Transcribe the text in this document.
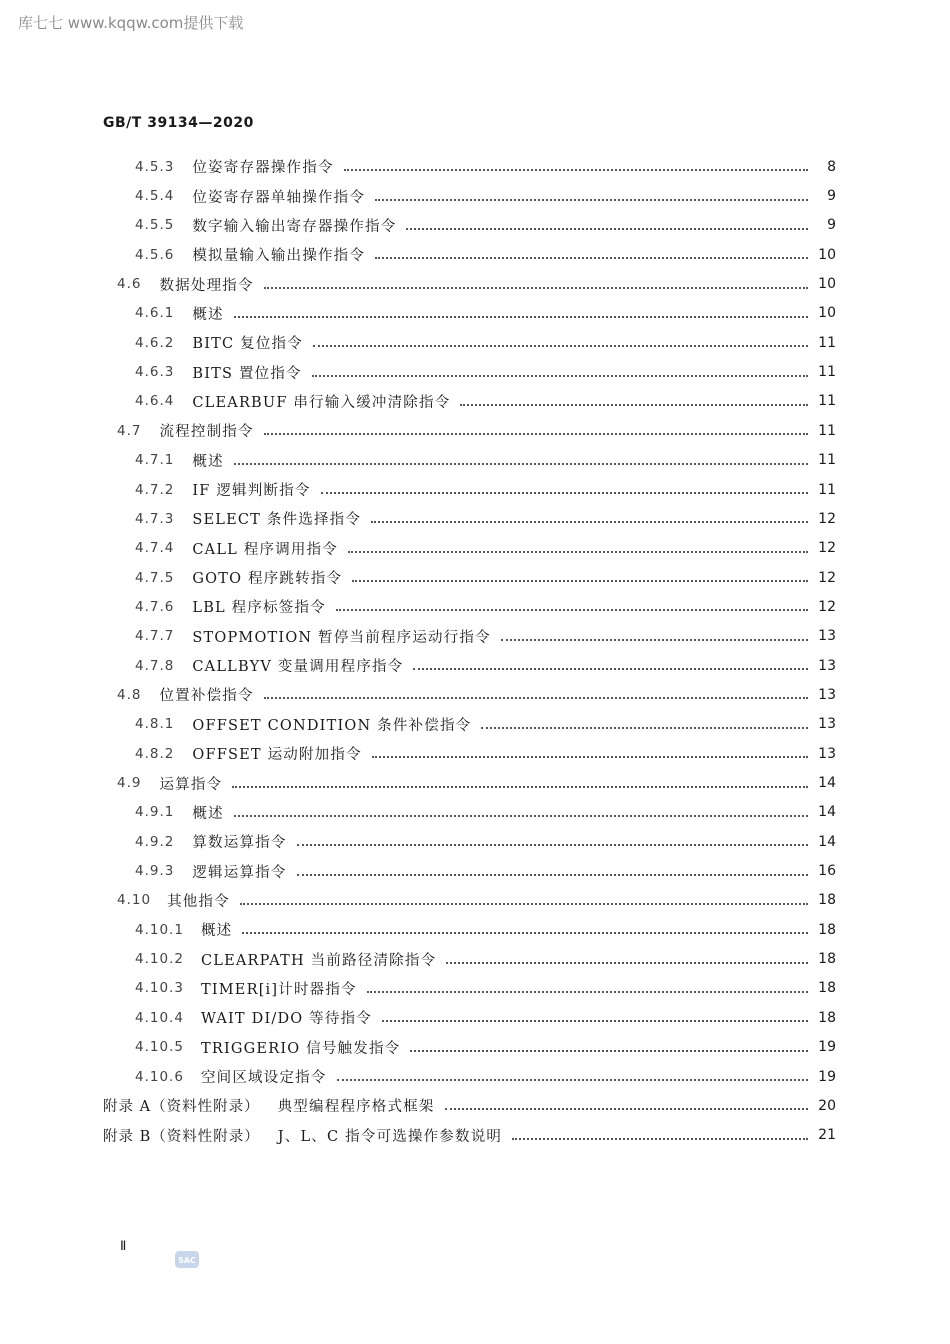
库七七 www.kqqw.com提供下载
GB/T 39134—2020
4.5.3 位姿寄存器操作指令	8
4.5.4 位姿寄存器单轴操作指令	9
4.5.5 数字输入输出寄存器操作指令	9
4.5.6 模拟量输入输出操作指令	10
4.6 数据处理指令	10
4.6.1 概述	10
4.6.2 BITC 复位指令	11
4.6.3 BITS 置位指令	11
4.6.4 CLEARBUF 串行输入缓冲清除指令	11
4.7 流程控制指令	11
4.7.1 概述	11
4.7.2 IF 逻辑判断指令	11
4.7.3 SELECT 条件选择指令	12
4.7.4 CALL 程序调用指令	12
4.7.5 GOTO 程序跳转指令	12
4.7.6 LBL 程序标签指令	12
4.7.7 STOPMOTION 暂停当前程序运动行指令	13
4.7.8 CALLBYV 变量调用程序指令	13
4.8 位置补偿指令	13
4.8.1 OFFSET CONDITION 条件补偿指令	13
4.8.2 OFFSET 运动附加指令	13
4.9 运算指令	14
4.9.1 概述	14
4.9.2 算数运算指令	14
4.9.3 逻辑运算指令	16
4.10 其他指令	18
4.10.1 概述	18
4.10.2 CLEARPATH 当前路径清除指令	18
4.10.3 TIMER[i]计时器指令	18
4.10.4 WAIT DI/DO 等待指令	18
4.10.5 TRIGGERIO 信号触发指令	19
4.10.6 空间区域设定指令	19
附录 A（资料性附录） 典型编程程序格式框架	20
附录 B（资料性附录） J、L、C 指令可选操作参数说明	21
Ⅱ
SAC
